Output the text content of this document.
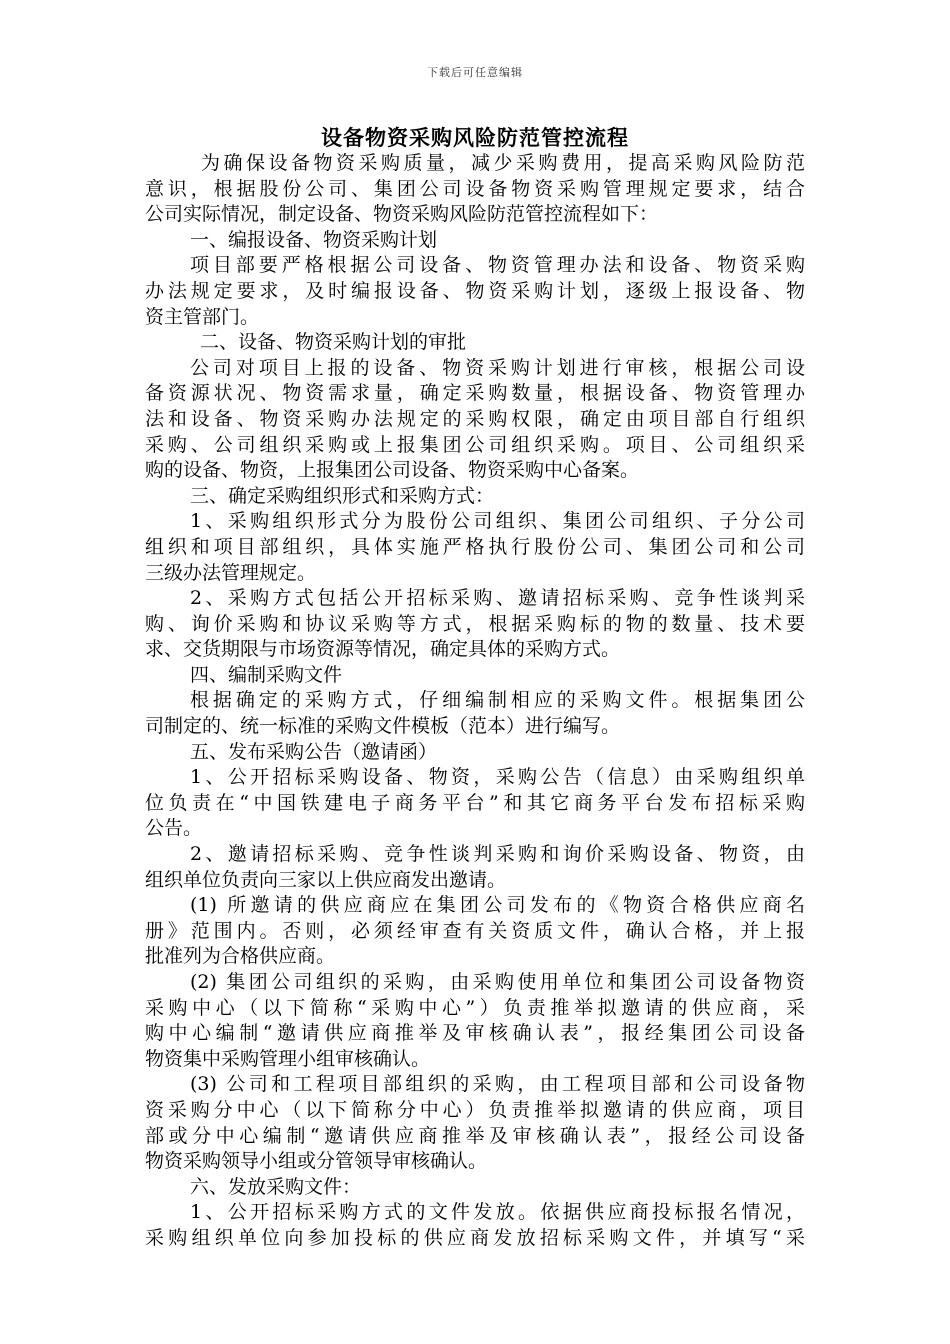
下载后可任意编辑
设备物资采购风险防范管控流程
为确保设备物资采购质量，减少采购费用，提高采购风险防范
意识，根据股份公司、集团公司设备物资采购管理规定要求，结合
公司实际情况，制定设备、物资采购风险防范管控流程如下：
一、编报设备、物资采购计划
项目部要严格根据公司设备、物资管理办法和设备、物资采购
办法规定要求，及时编报设备、物资采购计划，逐级上报设备、物
资主管部门。
二、设备、物资采购计划的审批
公司对项目上报的设备、物资采购计划进行审核，根据公司设
备资源状况、物资需求量，确定采购数量，根据设备、物资管理办
法和设备、物资采购办法规定的采购权限，确定由项目部自行组织
采购、公司组织采购或上报集团公司组织采购。项目、公司组织采
购的设备、物资，上报集团公司设备、物资采购中心备案。
三、确定采购组织形式和采购方式：
1、采购组织形式分为股份公司组织、集团公司组织、子分公司
组织和项目部组织，具体实施严格执行股份公司、集团公司和公司
三级办法管理规定。
2、采购方式包括公开招标采购、邀请招标采购、竞争性谈判采
购、询价采购和协议采购等方式，根据采购标的物的数量、技术要
求、交货期限与市场资源等情况，确定具体的采购方式。
四、编制采购文件
根据确定的采购方式，仔细编制相应的采购文件。根据集团公
司制定的、统一标准的采购文件模板（范本）进行编写。
五、发布采购公告（邀请函）
1、公开招标采购设备、物资，采购公告（信息）由采购组织单
位负责在“中国铁建电子商务平台”和其它商务平台发布招标采购
公告。
2、邀请招标采购、竞争性谈判采购和询价采购设备、物资，由
组织单位负责向三家以上供应商发出邀请。
(1) 所邀请的供应商应在集团公司发布的《物资合格供应商名
册》范围内。否则，必须经审查有关资质文件，确认合格，并上报
批准列为合格供应商。
(2) 集团公司组织的采购，由采购使用单位和集团公司设备物资
采购中心（以下简称“采购中心”）负责推举拟邀请的供应商，采
购中心编制“邀请供应商推举及审核确认表”，报经集团公司设备
物资集中采购管理小组审核确认。
(3) 公司和工程项目部组织的采购，由工程项目部和公司设备物
资采购分中心（以下简称分中心）负责推举拟邀请的供应商，项目
部或分中心编制“邀请供应商推举及审核确认表”，报经公司设备
物资采购领导小组或分管领导审核确认。
六、发放采购文件：
1、公开招标采购方式的文件发放。依据供应商投标报名情况，
采购组织单位向参加投标的供应商发放招标采购文件，并填写“采
